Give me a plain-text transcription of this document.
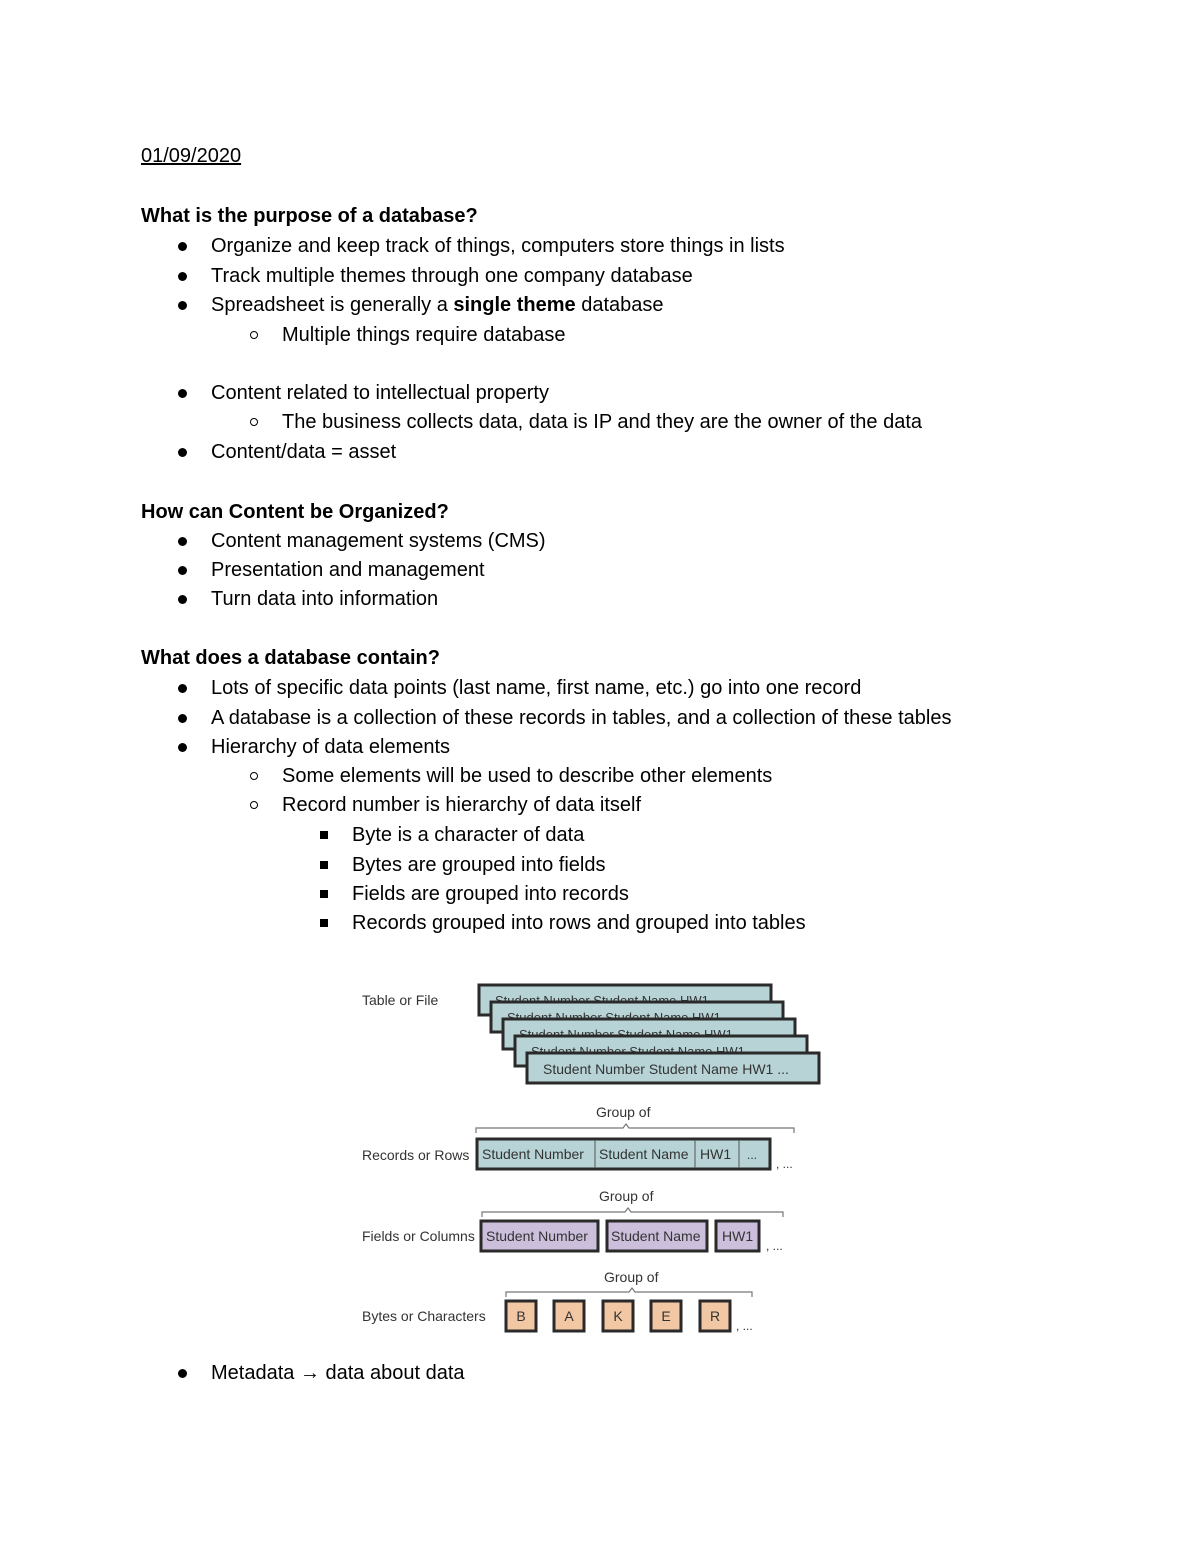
01/09/2020
What is the purpose of a database?
Organize and keep track of things, computers store things in lists
Track multiple themes through one company database
Spreadsheet is generally a single theme database
Multiple things require database
Content related to intellectual property
The business collects data, data is IP and they are the owner of the data
Content/data = asset
How can Content be Organized?
Content management systems (CMS)
Presentation and management
Turn data into information
What does a database contain?
Lots of specific data points (last name, first name, etc.) go into one record
A database is a collection of these records in tables, and a collection of these tables
Hierarchy of data elements
Some elements will be used to describe other elements
Record number is hierarchy of data itself
Byte is a character of data
Bytes are grouped into fields
Fields are grouped into records
Records grouped into rows and grouped into tables
Table or File
Student Number Student Name HW1 ...
Group of
Records or Rows Student Number Student Name HW1 ...
, ...
Group of
Fields or Columns Student Number Student Name HW1
, ...
Group of
Bytes or Characters B	A	K	E	R
, ...
Metadata → data about data
